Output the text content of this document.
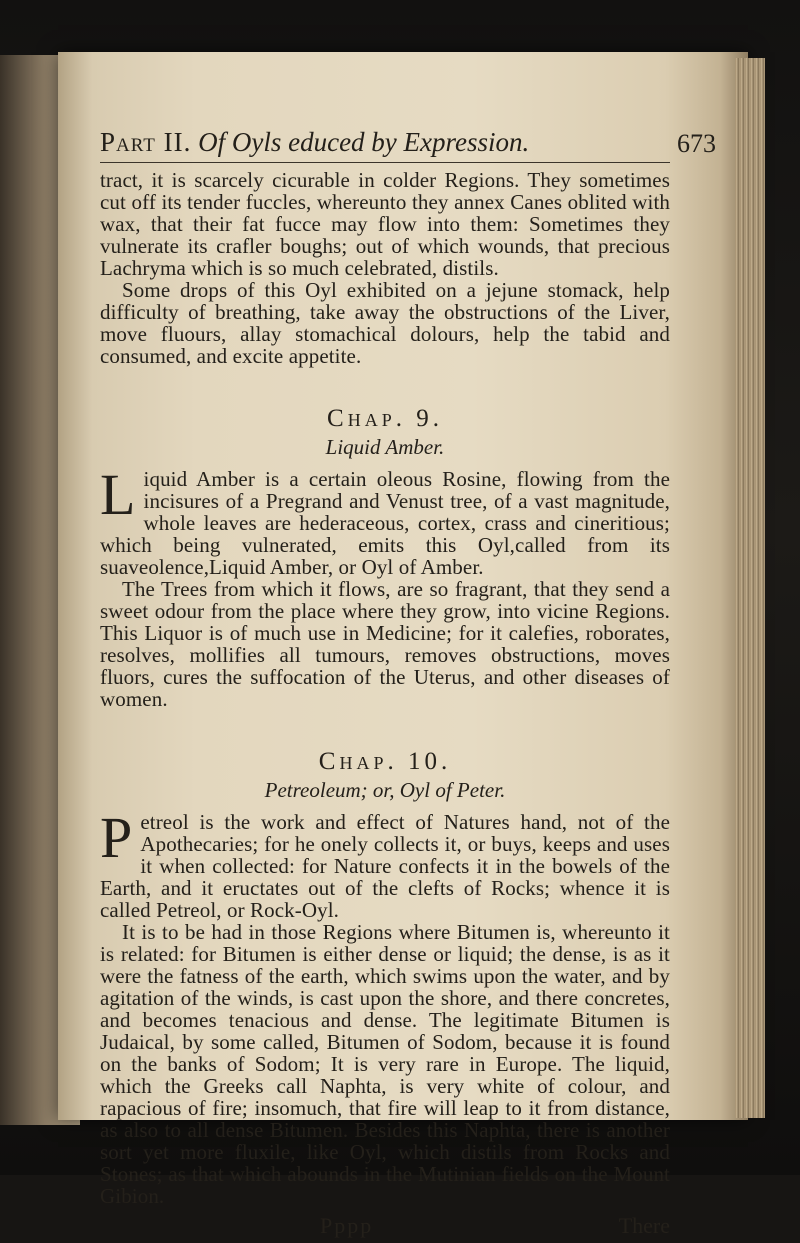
Part II. Of Oyls educed by Expression.	673

tract, it is scarcely cicurable in colder Regions. They sometimes cut off its tender fuccles, whereunto they annex Canes oblited with wax, that their fat fucce may flow into them: Sometimes they vulnerate its crafler boughs; out of which wounds, that precious Lachryma which is so much celebrated, distils.

Some drops of this Oyl exhibited on a jejune stomack, help difficulty of breathing, take away the obstructions of the Liver, move fluours, allay stomachical dolours, help the tabid and consumed, and excite appetite.

Chap. 9.
Liquid Amber.

Liquid Amber is a certain oleous Rosine, flowing from the incisures of a Pregrand and Venust tree, of a vast magnitude, whole leaves are hederaceous, cortex, crass and cineritious; which being vulnerated, emits this Oyl,called from its suaveolence,Liquid Amber, or Oyl of Amber.

The Trees from which it flows, are so fragrant, that they send a sweet odour from the place where they grow, into vicine Regions. This Liquor is of much use in Medicine; for it calefies, roborates, resolves, mollifies all tumours, removes obstructions, moves fluors, cures the suffocation of the Uterus, and other diseases of women.

Chap. 10.
Petreoleum; or, Oyl of Peter.

Petreol is the work and effect of Natures hand, not of the Apothecaries; for he onely collects it, or buys, keeps and uses it when collected: for Nature confects it in the bowels of the Earth, and it eructates out of the clefts of Rocks; whence it is called Petreol, or Rock-Oyl.

It is to be had in those Regions where Bitumen is, whereunto it is related: for Bitumen is either dense or liquid; the dense, is as it were the fatness of the earth, which swims upon the water, and by agitation of the winds, is cast upon the shore, and there concretes, and becomes tenacious and dense. The legitimate Bitumen is Judaical, by some called, Bitumen of Sodom, because it is found on the banks of Sodom; It is very rare in Europe. The liquid, which the Greeks call Naphta, is very white of colour, and rapacious of fire; insomuch, that fire will leap to it from distance, as also to all dense Bitumen. Besides this Naphta, there is another sort yet more fluxile, like Oyl, which distils from Rocks and Stones; as that which abounds in the Mutinian fields on the Mount Gibion.

Pppp	There
